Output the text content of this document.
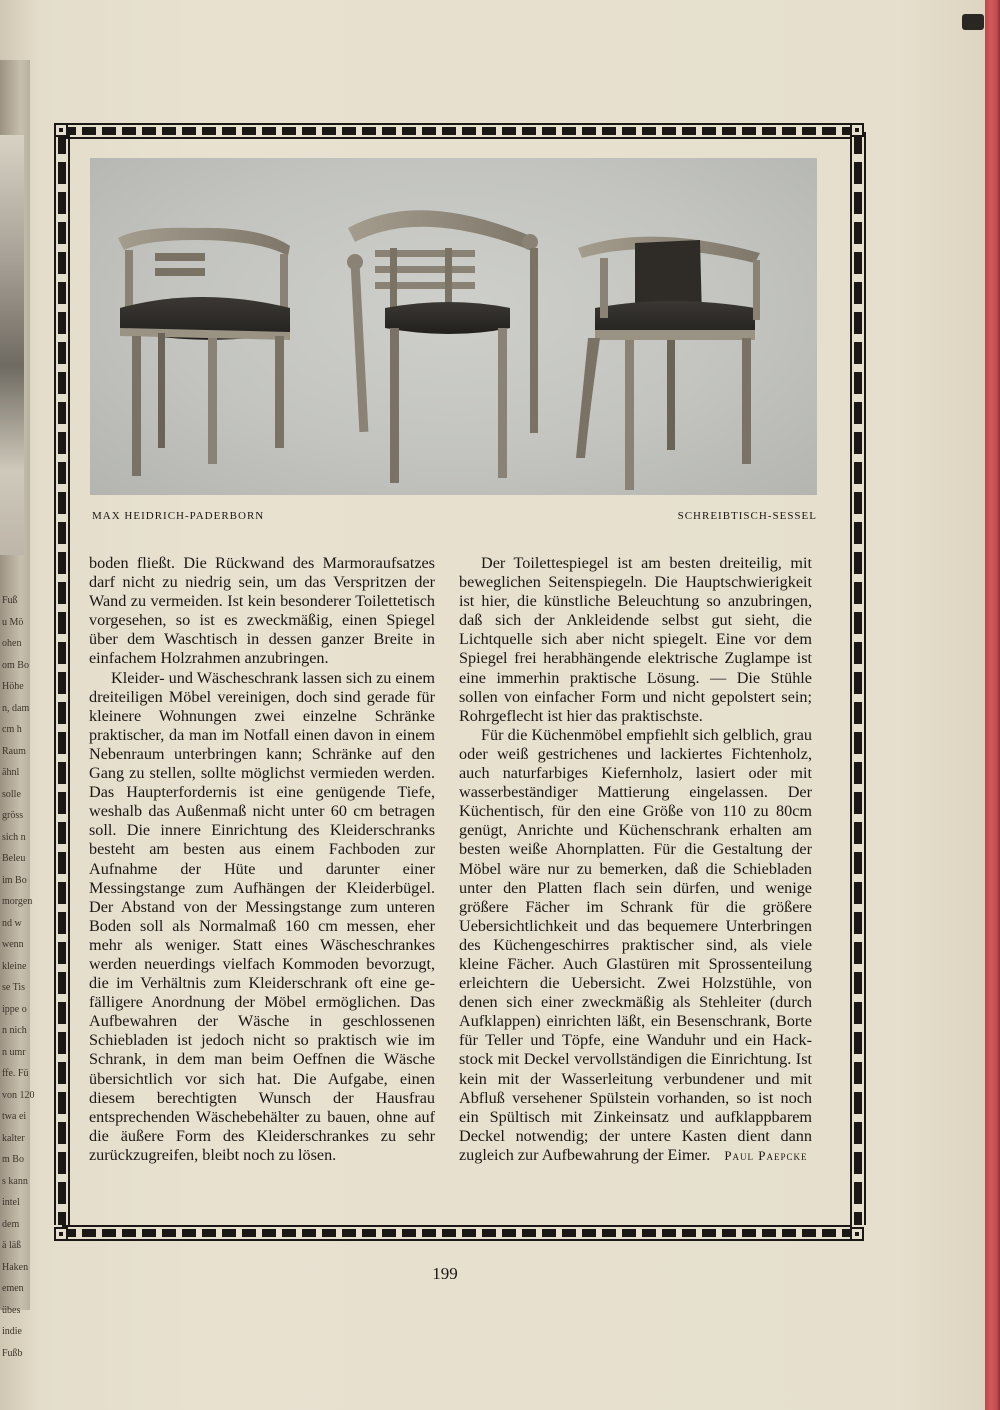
Fuß
u Mö
ohen
om Bo
Höhe
n, dam
cm h
Raum
ähnl
solle
gröss
sich n
Beleu
im Bo
morgen
nd w
wenn
kleine
se Tis
ippe o
n nich
n umr
ffe. Fü
von 120
twa ei
kalter
m Bo
s kann
intel
dem
ä läß
Haken
emen
übes
indie
Fußb
MAX HEIDRICH-PADERBORN	SCHREIBTISCH-SESSEL

boden fließt. Die Rückwand des Marmoraufsatzes darf nicht zu niedrig sein, um das Verspritzen der Wand zu vermeiden. Ist kein besonderer Toilettetisch vorgesehen, so ist es zweckmäßig, einen Spiegel über dem Waschtisch in dessen ganzer Breite in einfachem Holzrahmen anzubringen.

Kleider- und Wäscheschrank lassen sich zu einem dreiteiligen Möbel vereinigen, doch sind gerade für kleinere Wohnungen zwei einzelne Schränke praktischer, da man im Notfall einen davon in einem Nebenraum unterbringen kann; Schränke auf den Gang zu stellen, sollte möglichst vermieden werden. Das Haupterfordernis ist eine genügende Tiefe, weshalb das Außenmaß nicht unter 60 cm betragen soll. Die innere Einrichtung des Kleiderschranks besteht am besten aus einem Fachboden zur Aufnahme der Hüte und darunter einer Messingstange zum Aufhängen der Kleiderbügel. Der Abstand von der Messingstange zum unteren Boden soll als Normalmaß 160 cm messen, eher mehr als weniger. Statt eines Wäscheschrankes werden neuerdings vielfach Kommoden bevorzugt, die im Verhältnis zum Kleiderschrank oft eine gefälligere Anordnung der Möbel ermöglichen. Das Aufbewahren der Wäsche in geschlossenen Schiebladen ist jedoch nicht so praktisch wie im Schrank, in dem man beim Oeffnen die Wäsche übersichtlich vor sich hat. Die Aufgabe, einen diesem berechtigten Wunsch der Hausfrau entsprechenden Wäschebehälter zu bauen, ohne auf die äußere Form des Kleiderschrankes zu sehr zurückzugreifen, bleibt noch zu lösen.

Der Toilettespiegel ist am besten dreiteilig, mit beweglichen Seitenspiegeln. Die Hauptschwierigkeit ist hier, die künstliche Beleuchtung so anzubringen, daß sich der Ankleidende selbst gut sieht, die Lichtquelle sich aber nicht spiegelt. Eine vor dem Spiegel frei herabhängende elektrische Zuglampe ist eine immerhin praktische Lösung. — Die Stühle sollen von einfacher Form und nicht gepolstert sein; Rohrgeflecht ist hier das praktischste.

Für die Küchenmöbel empfiehlt sich gelblich, grau oder weiß gestrichenes und lackiertes Fichtenholz, auch naturfarbiges Kiefernholz, lasiert oder mit wasserbeständiger Mattierung eingelassen. Der Küchentisch, für den eine Größe von 110 zu 80cm genügt, Anrichte und Küchenschrank erhalten am besten weiße Ahornplatten. Für die Gestaltung der Möbel wäre nur zu bemerken, daß die Schiebladen unter den Platten flach sein dürfen, und wenige größere Fächer im Schrank für die größere Uebersichtlichkeit und das bequemere Unterbringen des Küchengeschirres praktischer sind, als viele kleine Fächer. Auch Glastüren mit Sprossenteilung erleichtern die Uebersicht. Zwei Holzstühle, von denen sich einer zweckmäßig als Stehleiter (durch Aufklappen) einrichten läßt, ein Besenschrank, Borte für Teller und Töpfe, eine Wanduhr und ein Hackstock mit Deckel vervollständigen die Einrichtung. Ist kein mit der Wasserleitung verbundener und mit Abfluß versehener Spülstein vorhanden, so ist noch ein Spültisch mit Zinkeinsatz und aufklappbarem Deckel notwendig; der untere Kasten dient dann zugleich zur Aufbewahrung der Eimer. Paul Paepcke

199
